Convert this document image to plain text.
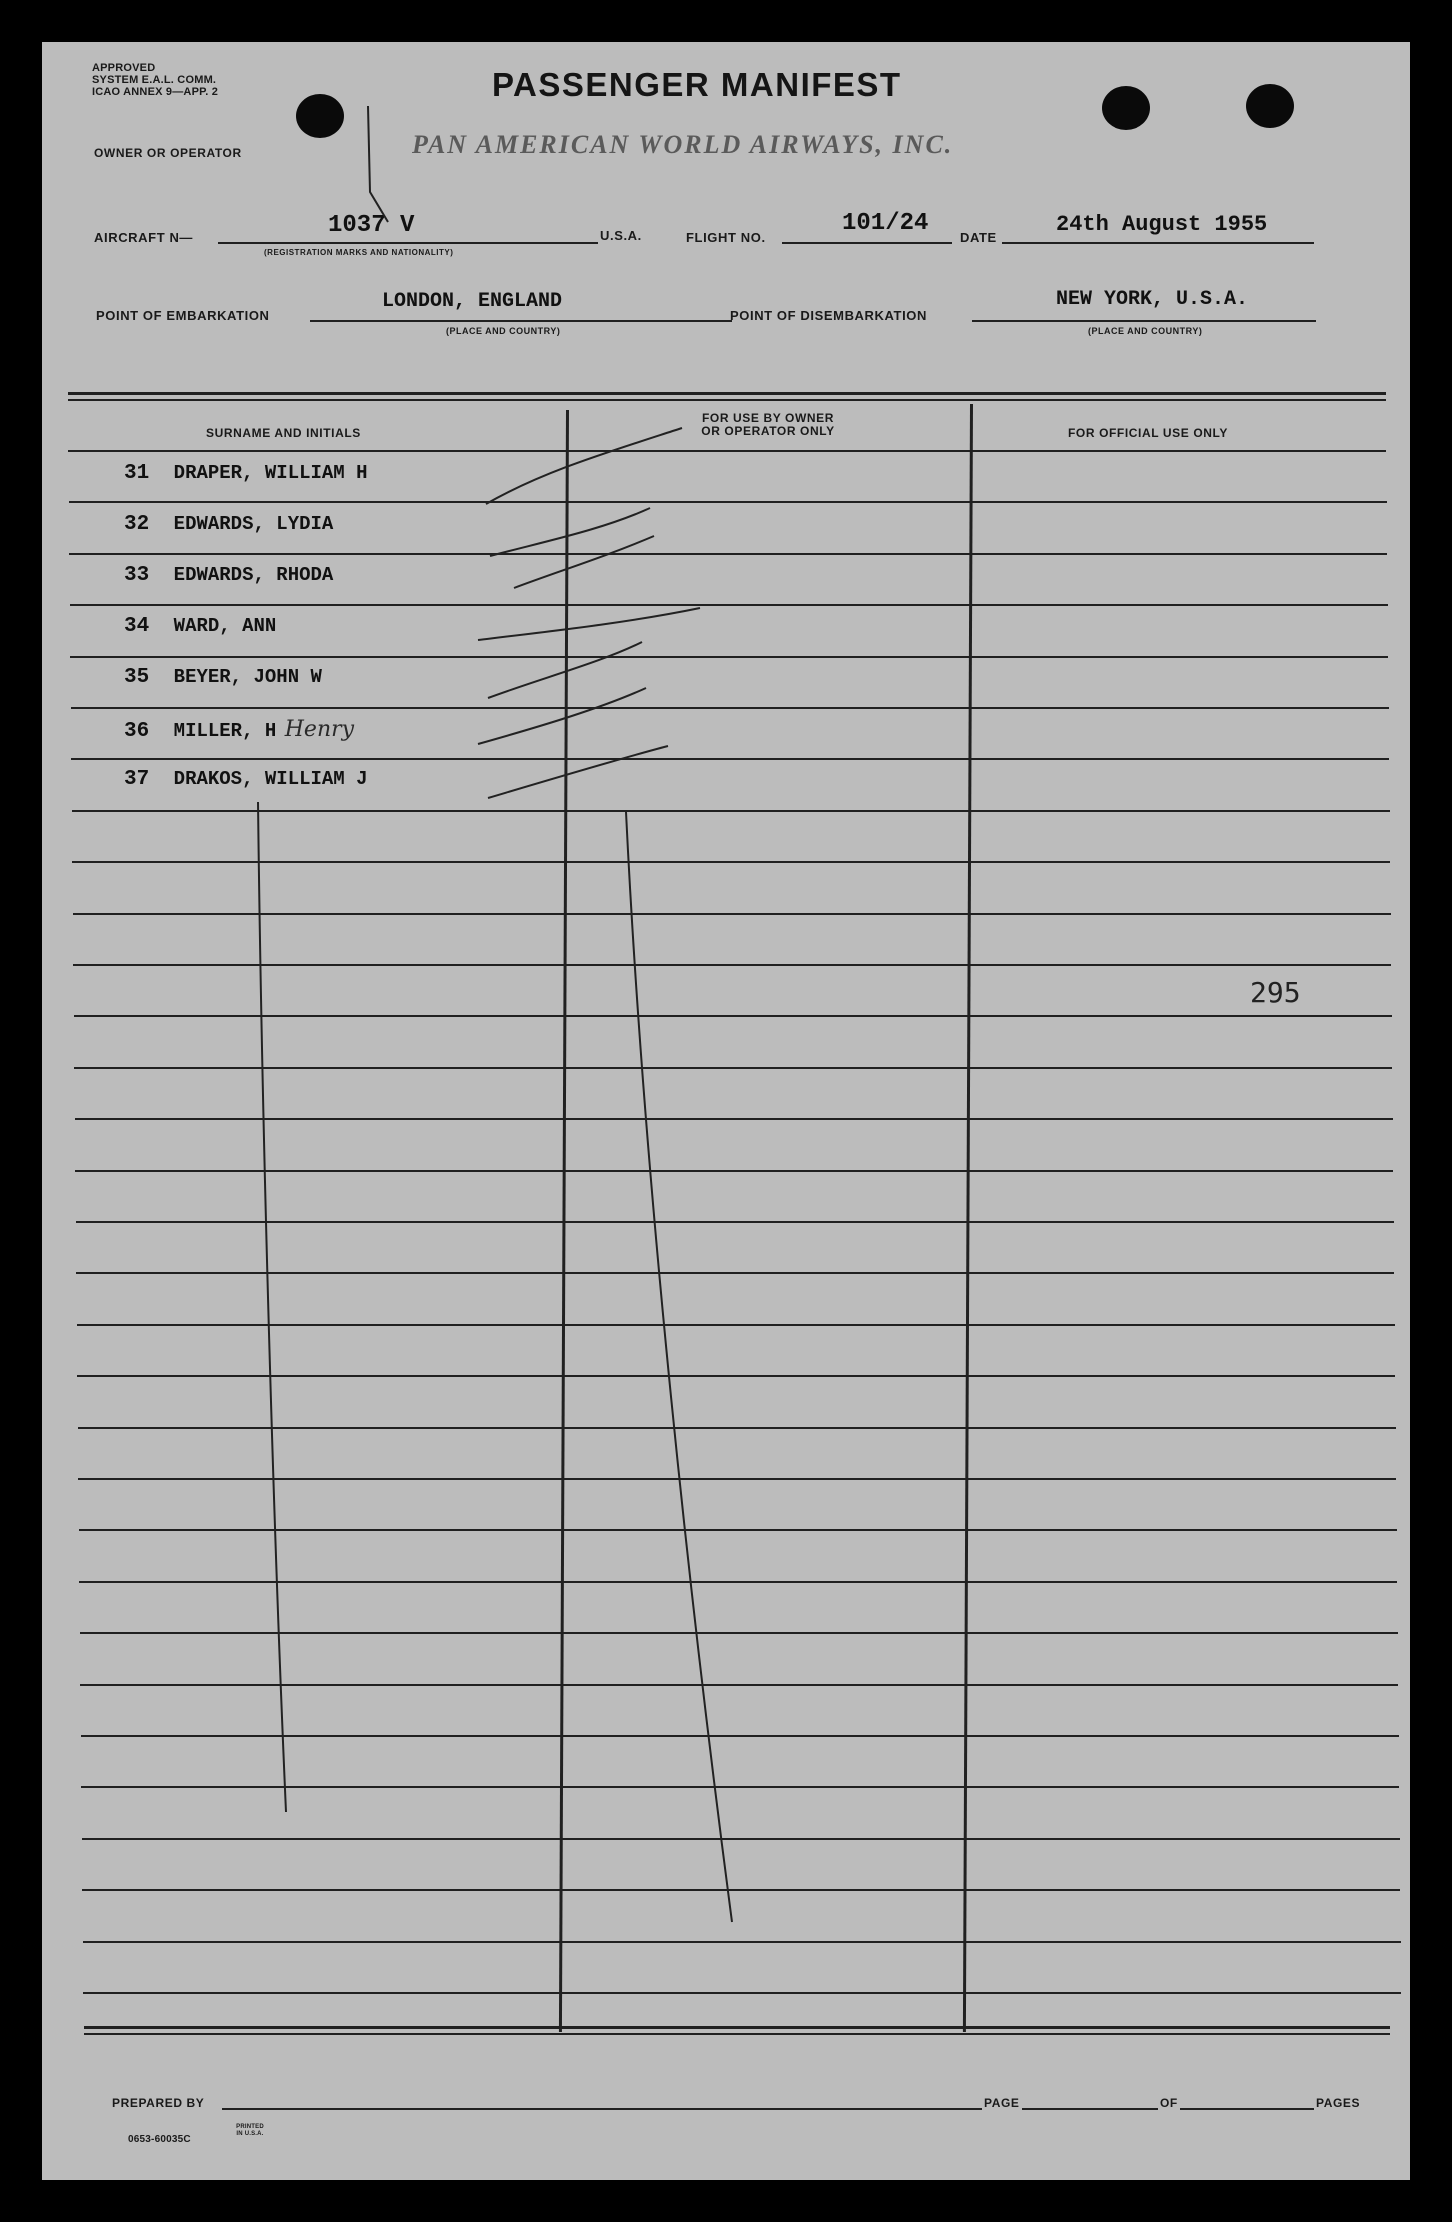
APPROVED
SYSTEM E.A.L. COMM.
ICAO ANNEX 9—APP. 2	PASSENGER MANIFEST
OWNER OR OPERATOR	PAN AMERICAN WORLD AIRWAYS, INC.
AIRCRAFT N—	1037 V
(REGISTRATION MARKS AND NATIONALITY)
U.S.A.	FLIGHT NO.
101/24
DATE
24th August 1955
POINT OF EMBARKATION
LONDON, ENGLAND
(PLACE AND COUNTRY)
POINT OF DISEMBARKATION
NEW YORK, U.S.A.
(PLACE AND COUNTRY)
SURNAME AND INITIALS
FOR USE BY OWNER
OR OPERATOR ONLY	FOR OFFICIAL USE ONLY
31 DRAPER, WILLIAM H
32 EDWARDS, LYDIA
33 EDWARDS, RHODA
34 WARD, ANN
35 BEYER, JOHN W
36 MILLER, H Henry
37 DRAKOS, WILLIAM J
295
PREPARED BY	PAGE	OF	PAGES
0653-60035C
PRINTED IN U.S.A.
